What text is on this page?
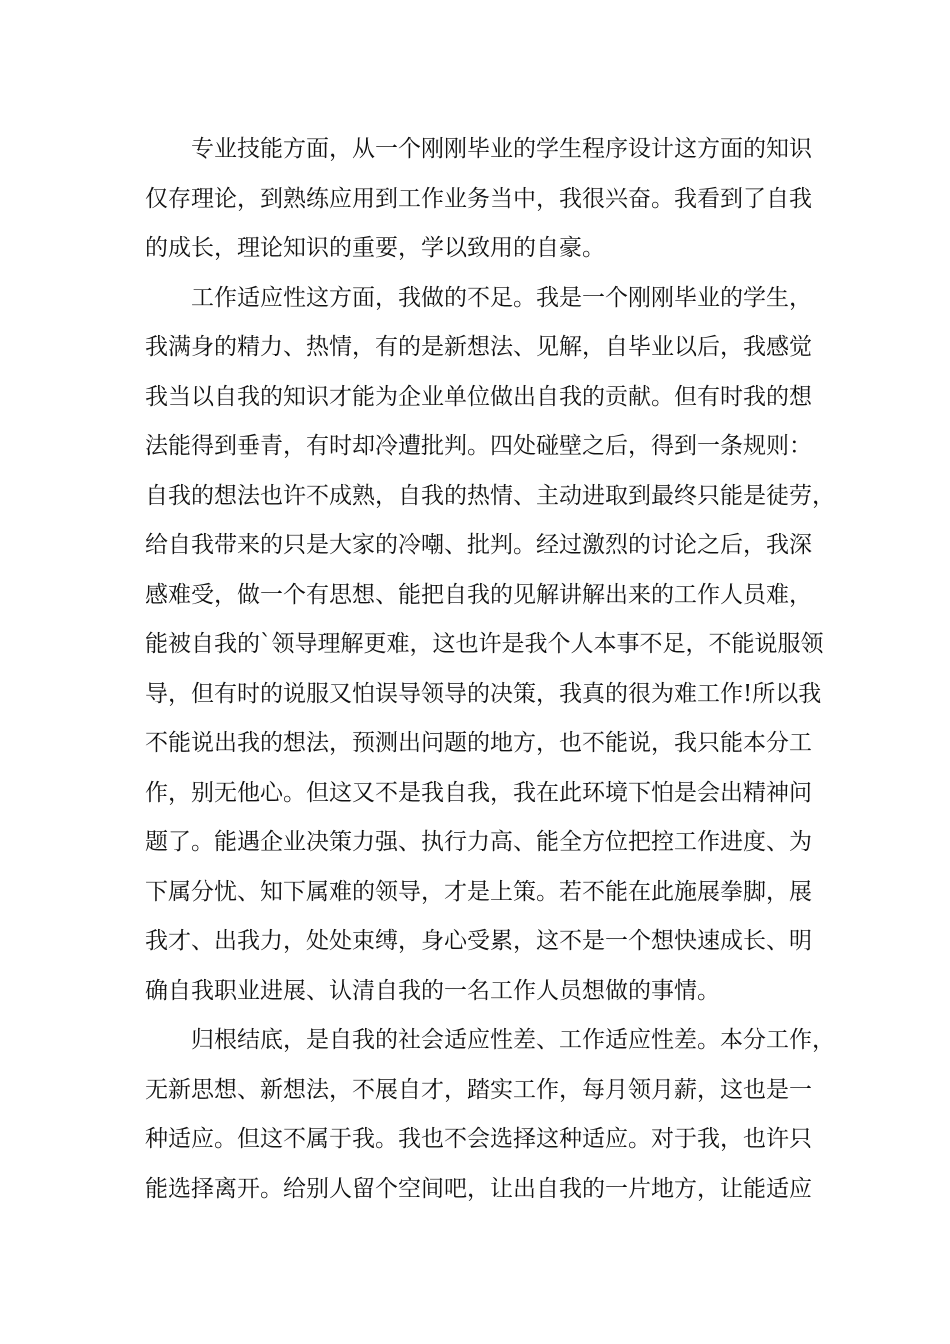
专业技能方面，从一个刚刚毕业的学生程序设计这方面的知识
仅存理论，到熟练应用到工作业务当中，我很兴奋。我看到了自我
的成长，理论知识的重要，学以致用的自豪。
工作适应性这方面，我做的不足。我是一个刚刚毕业的学生，
我满身的精力、热情，有的是新想法、见解，自毕业以后，我感觉
我当以自我的知识才能为企业单位做出自我的贡献。但有时我的想
法能得到垂青，有时却冷遭批判。四处碰壁之后，得到一条规则：
自我的想法也许不成熟，自我的热情、主动进取到最终只能是徒劳，
给自我带来的只是大家的冷嘲、批判。经过激烈的讨论之后，我深
感难受，做一个有思想、能把自我的见解讲解出来的工作人员难，
能被自我的`领导理解更难，这也许是我个人本事不足，不能说服领
导，但有时的说服又怕误导领导的决策，我真的很为难工作!所以我
不能说出我的想法，预测出问题的地方，也不能说，我只能本分工
作，别无他心。但这又不是我自我，我在此环境下怕是会出精神问
题了。能遇企业决策力强、执行力高、能全方位把控工作进度、为
下属分忧、知下属难的领导，才是上策。若不能在此施展拳脚，展
我才、出我力，处处束缚，身心受累，这不是一个想快速成长、明
确自我职业进展、认清自我的一名工作人员想做的事情。
归根结底，是自我的社会适应性差、工作适应性差。本分工作，
无新思想、新想法，不展自才，踏实工作，每月领月薪，这也是一
种适应。但这不属于我。我也不会选择这种适应。对于我，也许只
能选择离开。给别人留个空间吧，让出自我的一片地方，让能适应
